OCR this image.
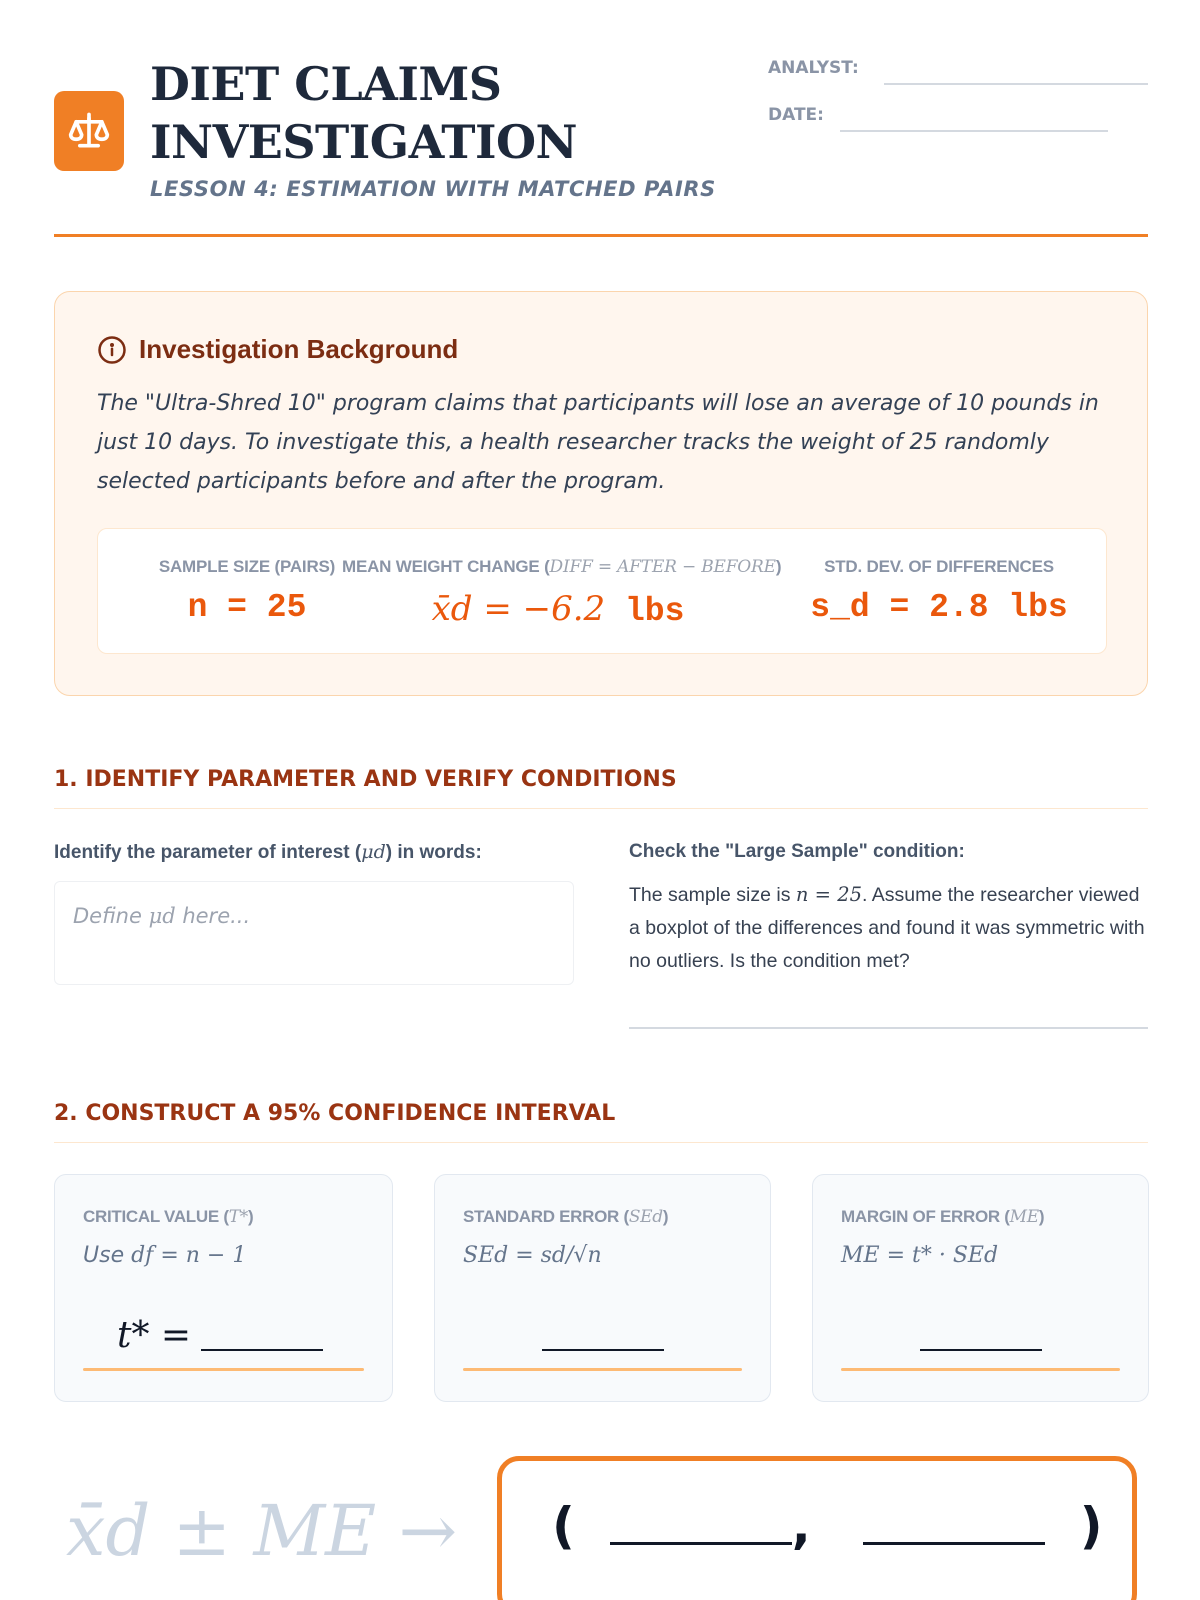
DIET CLAIMS
INVESTIGATION
LESSON 4: ESTIMATION WITH MATCHED PAIRS
ANALYST:
DATE:
Investigation Background
The "Ultra-Shred 10" program claims that participants will lose an average of 10 pounds in just 10 days. To investigate this, a health researcher tracks the weight of 25 randomly selected participants before and after the program.
SAMPLE SIZE (PAIRS)
n = 25
MEAN WEIGHT CHANGE (DIFF = AFTER − BEFORE)
x̄d = −6.2 lbs
STD. DEV. OF DIFFERENCES
s_d = 2.8 lbs
1. IDENTIFY PARAMETER AND VERIFY CONDITIONS
Identify the parameter of interest (μd) in words:
Define μd here...
Check the "Large Sample" condition:
The sample size is n = 25. Assume the researcher viewed a boxplot of the differences and found it was symmetric with no outliers. Is the condition met?
2. CONSTRUCT A 95% CONFIDENCE INTERVAL
CRITICAL VALUE (T*)
Use df = n − 1
t* =
STANDARD ERROR (SEd)
SEd = sd/√n
MARGIN OF ERROR (ME)
ME = t* · SEd
x̄d ± ME → (	,	)
